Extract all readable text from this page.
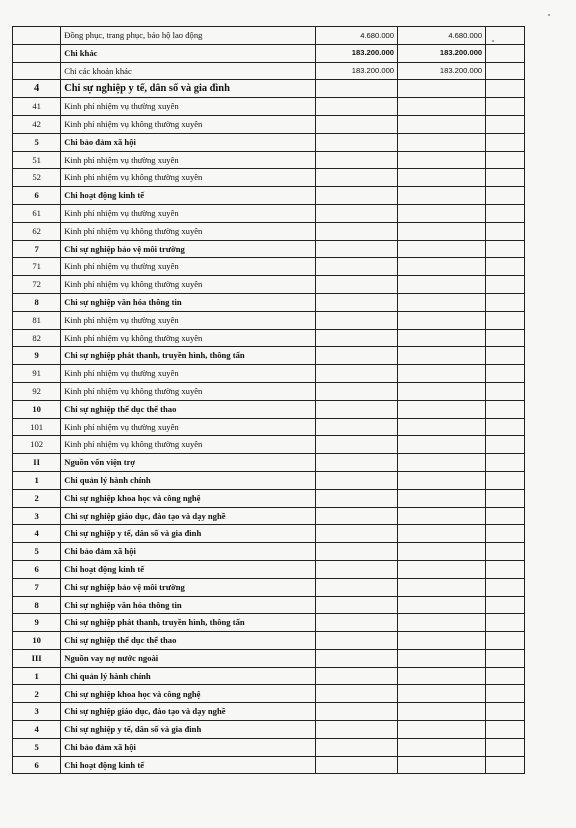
	Đồng phục, trang phục, bảo hộ lao động	4.680.000	4.680.000	
	Chi khác	183.200.000	183.200.000	
	Chi các khoản khác	183.200.000	183.200.000	
4	Chi sự nghiệp y tế, dân số và gia đình			
41	Kinh phí nhiệm vụ thường xuyên			
42	Kinh phí nhiệm vụ không thường xuyên			
5	Chi bảo đảm xã hội			
51	Kinh phí nhiệm vụ thường xuyên			
52	Kinh phí nhiệm vụ không thường xuyên			
6	Chi hoạt động kinh tế			
61	Kinh phí nhiệm vụ thường xuyên			
62	Kinh phí nhiệm vụ không thường xuyên			
7	Chi sự nghiệp bảo vệ môi trường			
71	Kinh phí nhiệm vụ thường xuyên			
72	Kinh phí nhiệm vụ không thường xuyên			
8	Chi sự nghiệp văn hóa thông tin			
81	Kinh phí nhiệm vụ thường xuyên			
82	Kinh phí nhiệm vụ không thường xuyên			
9	Chi sự nghiệp phát thanh, truyền hình, thông tấn			
91	Kinh phí nhiệm vụ thường xuyên			
92	Kinh phí nhiệm vụ không thường xuyên			
10	Chi sự nghiệp thể dục thể thao			
101	Kinh phí nhiệm vụ thường xuyên			
102	Kinh phí nhiệm vụ không thường xuyên			
II	Nguồn vốn viện trợ			
1	Chi quản lý hành chính			
2	Chi sự nghiệp khoa học và công nghệ			
3	Chi sự nghiệp giáo dục, đào tạo và dạy nghề			
4	Chi sự nghiệp y tế, dân số và gia đình			
5	Chi bảo đảm xã hội			
6	Chi hoạt động kinh tế			
7	Chi sự nghiệp bảo vệ môi trường			
8	Chi sự nghiệp văn hóa thông tin			
9	Chi sự nghiệp phát thanh, truyền hình, thông tấn			
10	Chi sự nghiệp thể dục thể thao			
III	Nguồn vay nợ nước ngoài			
1	Chi quản lý hành chính			
2	Chi sự nghiệp khoa học và công nghệ			
3	Chi sự nghiệp giáo dục, đào tạo và dạy nghề			
4	Chi sự nghiệp y tế, dân số và gia đình			
5	Chi bảo đảm xã hội			
6	Chi hoạt động kinh tế			
